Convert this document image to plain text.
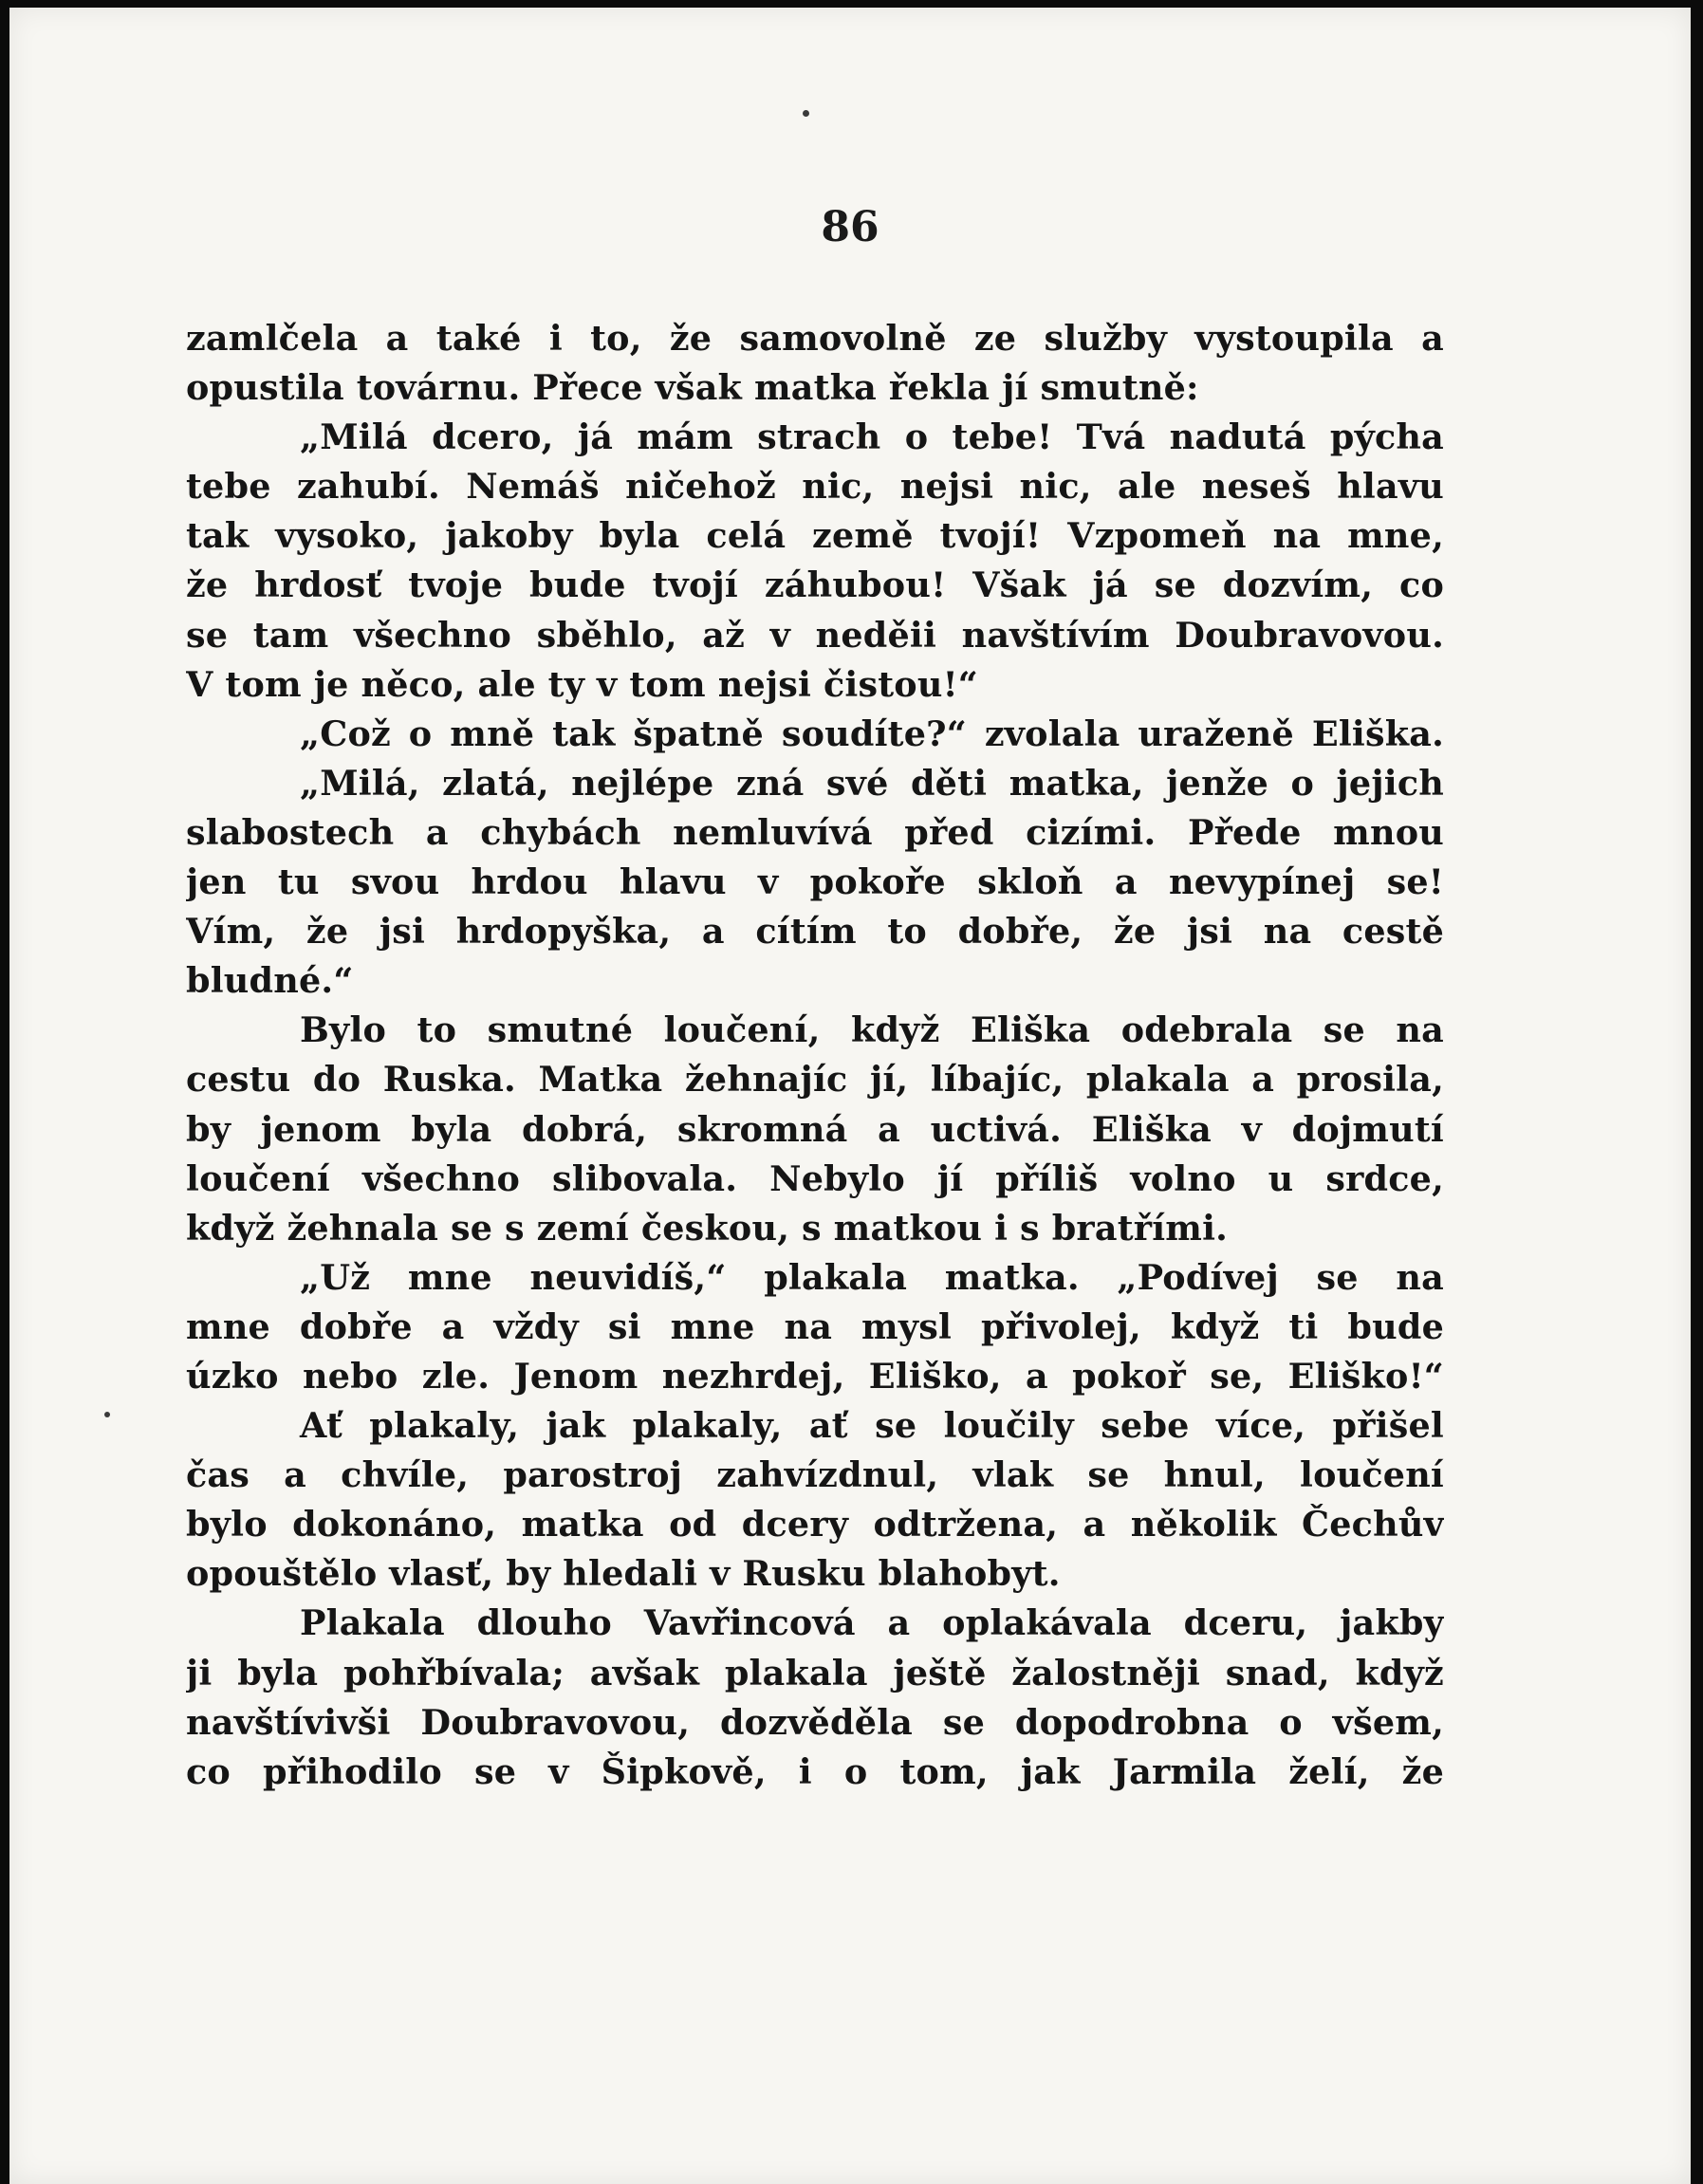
86
zamlčela a také i to, že samovolně ze služby vystoupila a
opustila továrnu. Přece však matka řekla jí smutně:
„Milá dcero, já mám strach o tebe! Tvá nadutá pýcha
tebe zahubí. Nemáš ničehož nic, nejsi nic, ale neseš hlavu
tak vysoko, jakoby byla celá země tvojí! Vzpomeň na mne,
že hrdosť tvoje bude tvojí záhubou! Však já se dozvím, co
se tam všechno sběhlo, až v neděii navštívím Doubravovou.
V tom je něco, ale ty v tom nejsi čistou!“
„Což o mně tak špatně soudíte?“ zvolala uraženě Eliška.
„Milá, zlatá, nejlépe zná své děti matka, jenže o jejich
slabostech a chybách nemluvívá před cizími. Přede mnou
jen tu svou hrdou hlavu v pokoře skloň a nevypínej se!
Vím, že jsi hrdopyška, a cítím to dobře, že jsi na cestě
bludné.“
Bylo to smutné loučení, když Eliška odebrala se na
cestu do Ruska. Matka žehnajíc jí, líbajíc, plakala a prosila,
by jenom byla dobrá, skromná a uctivá. Eliška v dojmutí
loučení všechno slibovala. Nebylo jí příliš volno u srdce,
když žehnala se s zemí českou, s matkou i s bratřími.
„Už mne neuvidíš,“ plakala matka. „Podívej se na
mne dobře a vždy si mne na mysl přivolej, když ti bude
úzko nebo zle. Jenom nezhrdej, Eliško, a pokoř se, Eliško!“
Ať plakaly, jak plakaly, ať se loučily sebe více, přišel
čas a chvíle, parostroj zahvízdnul, vlak se hnul, loučení
bylo dokonáno, matka od dcery odtržena, a několik Čechův
opouštělo vlasť, by hledali v Rusku blahobyt.
Plakala dlouho Vavřincová a oplakávala dceru, jakby
ji byla pohřbívala; avšak plakala ještě žalostněji snad, když
navštívivši Doubravovou, dozvěděla se dopodrobna o všem,
co přihodilo se v Šipkově, i o tom, jak Jarmila želí, že
